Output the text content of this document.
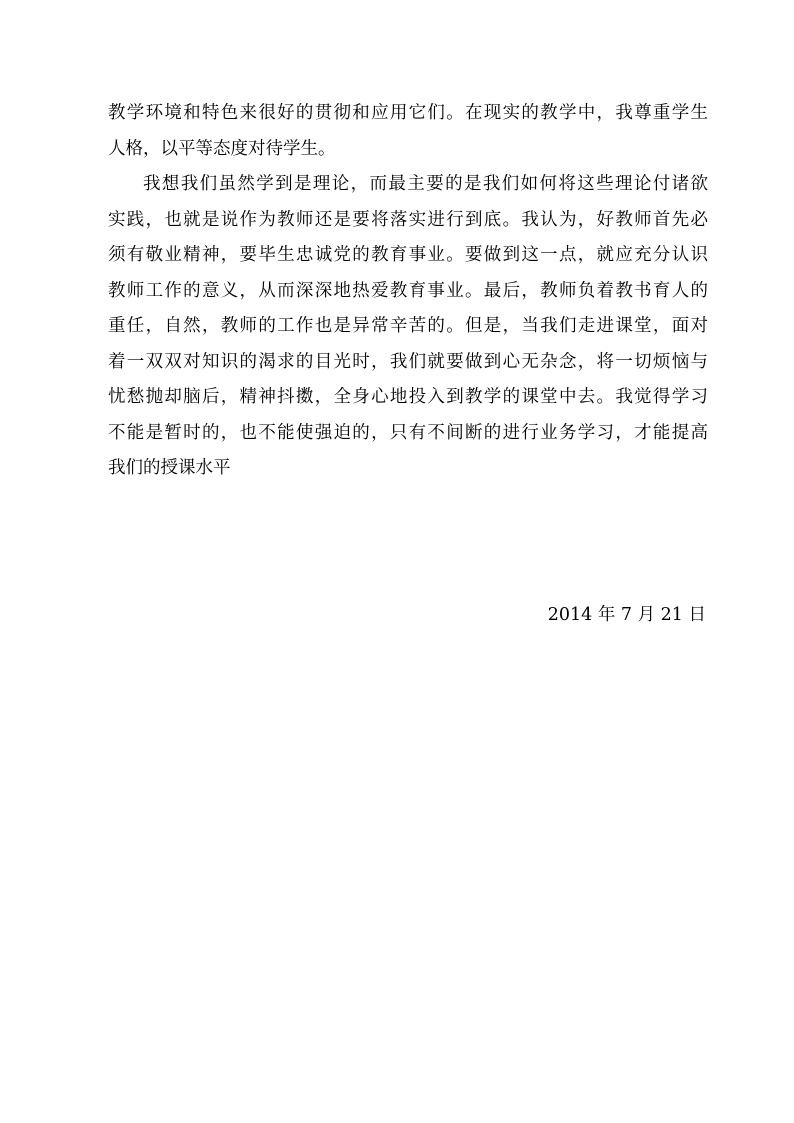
教学环境和特色来很好的贯彻和应用它们。在现实的教学中，我尊重学生
人格，以平等态度对待学生。
我想我们虽然学到是理论，而最主要的是我们如何将这些理论付诸欲
实践，也就是说作为教师还是要将落实进行到底。我认为，好教师首先必
须有敬业精神，要毕生忠诚党的教育事业。要做到这一点，就应充分认识
教师工作的意义，从而深深地热爱教育事业。最后，教师负着教书育人的
重任，自然，教师的工作也是异常辛苦的。但是，当我们走进课堂，面对
着一双双对知识的渴求的目光时，我们就要做到心无杂念，将一切烦恼与
忧愁抛却脑后，精神抖擞，全身心地投入到教学的课堂中去。我觉得学习
不能是暂时的，也不能使强迫的，只有不间断的进行业务学习，才能提高
我们的授课水平
2014 年 7 月 21 日
